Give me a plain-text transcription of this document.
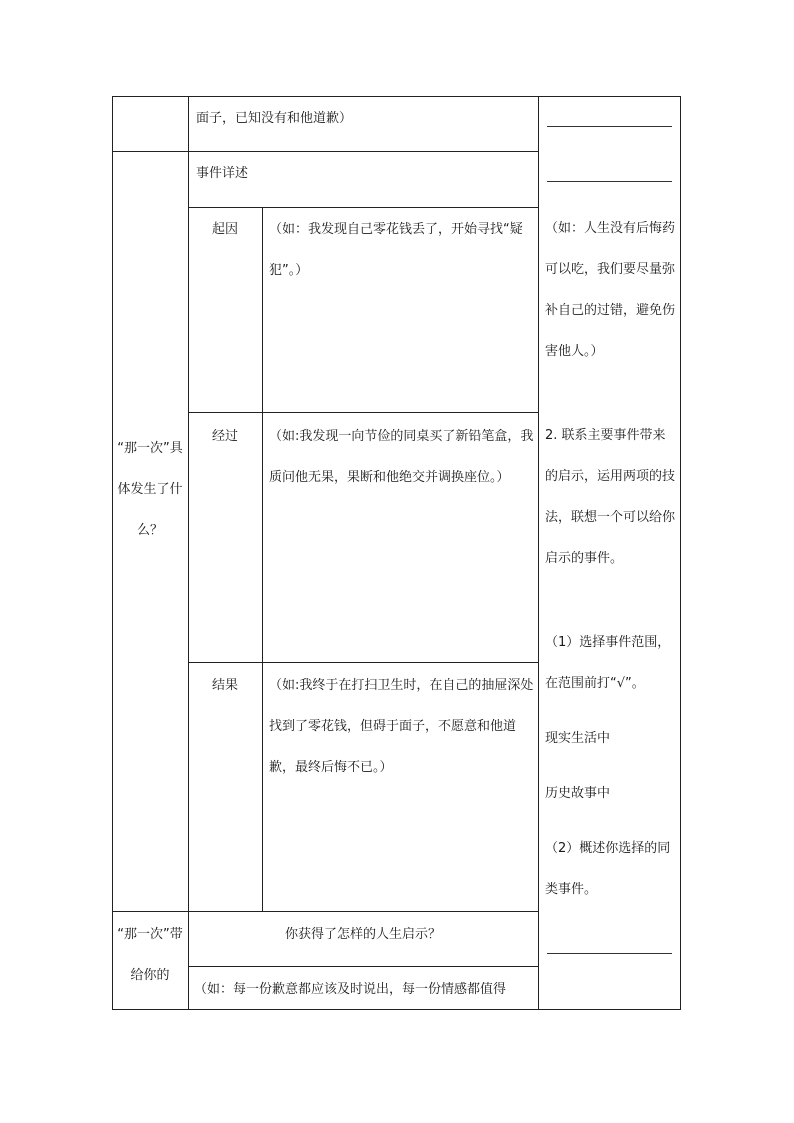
面子，已知没有和他道歉）
事件详述
起因
经过
结果
（如：我发现自己零花钱丢了，开始寻找“疑犯”。）
（如:我发现一向节俭的同桌买了新铅笔盒，我质问他无果，果断和他绝交并调换座位。）
（如:我终于在打扫卫生时，在自己的抽屉深处找到了零花钱，但碍于面子，不愿意和他道歉，最终后悔不已。）
“那一次”具体发生了什么？
“那一次”带给你的
你获得了怎样的人生启示？
（如：每一份歉意都应该及时说出，每一份情感都值得
（如：人生没有后悔药可以吃，我们要尽量弥补自己的过错，避免伤害他人。）
2. 联系主要事件带来的启示，运用两项的技法，联想一个可以给你启示的事件。
（1）选择事件范围，在范围前打“√”。
现实生活中
历史故事中
（2）概述你选择的同类事件。
